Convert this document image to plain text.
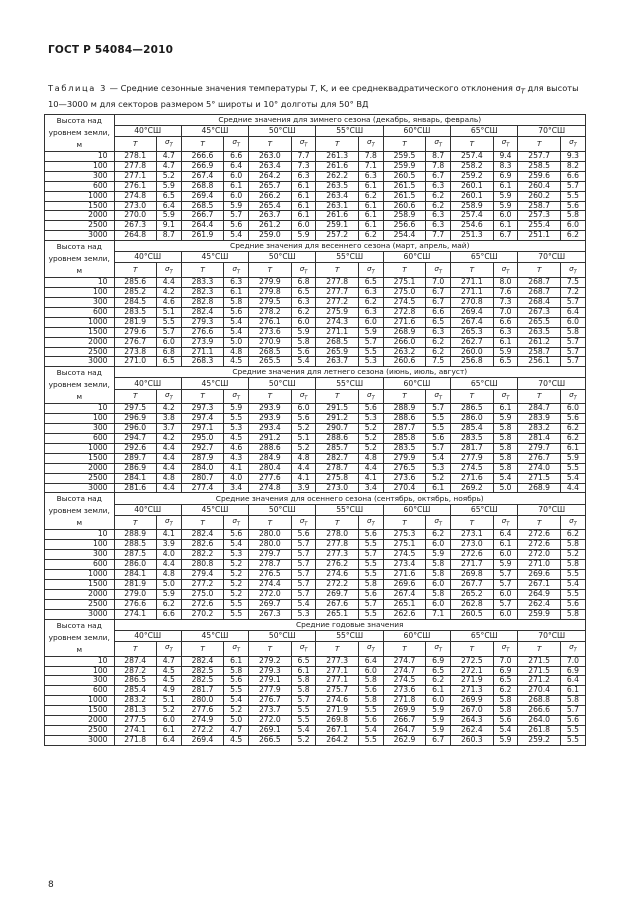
ГОСТ Р 54084—2010
Таблица 3 — Средние сезонные значения температуры T, K, и ее среднеквадратического отклонения $\sigma_T$ для высоты 10—3000 м для секторов размером 5° широты и 10° долготы для 50° ВД
Высота над уровнем земли, м	Средние значения для зимнего сезона (декабрь, январь, февраль)													
	40°СШ		45°СШ		50°СШ		55°СШ		60°СШ		65°СШ		70°СШ	
	T	$\sigma_T$	T	$\sigma_T$	T	$\sigma_T$	T	$\sigma_T$	T	$\sigma_T$	T	$\sigma_T$	T	$\sigma_T$
10	278.1	4.7	266.6	6.6	263.0	7.7	261.3	7.8	259.5	8.7	257.4	9.4	257.7	9.3
100	277.8	4.7	266.9	6.4	263.4	7.3	261.6	7.1	259.9	7.8	258.2	8.3	258.5	8.2
300	277.1	5.2	267.4	6.0	264.2	6.3	262.2	6.3	260.5	6.7	259.2	6.9	259.6	6.6
600	276.1	5.9	268.8	6.1	265.7	6.1	263.5	6.1	261.5	6.3	260.1	6.1	260.4	5.7
1000	274.8	6.5	269.4	6.0	266.2	6.1	263.4	6.2	261.5	6.2	260.1	5.9	260.2	5.5
1500	273.0	6.4	268.5	5.9	265.4	6.1	263.1	6.1	260.6	6.2	258.9	5.9	258.7	5.6
2000	270.0	5.9	266.7	5.7	263.7	6.1	261.6	6.1	258.9	6.3	257.4	6.0	257.3	5.8
2500	267.3	9.1	264.4	5.6	261.2	6.0	259.1	6.1	256.6	6.3	254.6	6.1	255.4	6.0
3000	264.8	8.7	261.9	5.4	259.0	5.9	257.2	6.2	254.4	7.7	251.3	6.7	251.1	6.2
Высота над уровнем земли, м	Средние значения для весеннего сезона (март, апрель, май)													
	40°СШ		45°СШ		50°СШ		55°СШ		60°СШ		65°СШ		70°СШ	
	T	$\sigma_T$	T	$\sigma_T$	T	$\sigma_T$	T	$\sigma_T$	T	$\sigma_T$	T	$\sigma_T$	T	$\sigma_T$
10	285.6	4.4	283.3	6.3	279.9	6.8	277.8	6.5	275.1	7.0	271.1	8.0	268.7	7.5
100	285.2	4.2	282.3	6.1	279.8	6.5	277.7	6.3	275.0	6.7	271.1	7.6	268.7	7.2
300	284.5	4.6	282.8	5.8	279.5	6.3	277.2	6.2	274.5	6.7	270.8	7.3	268.4	5.7
600	283.5	5.1	282.4	5.6	278.2	6.2	275.9	6.3	272.8	6.6	269.4	7.0	267.3	6.4
1000	281.9	5.5	279.3	5.4	276.1	6.0	274.3	6.0	271.6	6.5	267.4	6.6	265.5	6.0
1500	279.6	5.7	276.6	5.4	273.6	5.9	271.1	5.9	268.9	6.3	265.3	6.3	263.5	5.8
2000	276.7	6.0	273.9	5.0	270.9	5.8	268.5	5.7	266.0	6.2	262.7	6.1	261.2	5.7
2500	273.8	6.8	271.1	4.8	268.5	5.6	265.9	5.5	263.2	6.2	260.0	5.9	258.7	5.7
3000	271.0	6.5	268.3	4.5	265.5	5.4	263.7	5.3	260.6	7.5	256.8	6.5	256.1	5.7
Высота над уровнем земли, м	Средние значения для летнего сезона (июнь, июль, август)													
	40°СШ		45°СШ		50°СШ		55°СШ		60°СШ		65°СШ		70°СШ	
	T	$\sigma_T$	T	$\sigma_T$	T	$\sigma_T$	T	$\sigma_T$	T	$\sigma_T$	T	$\sigma_T$	T	$\sigma_T$
10	297.5	4.2	297.3	5.9	293.9	6.0	291.5	5.6	288.9	5.7	286.5	6.1	284.7	6.0
100	296.9	3.8	297.4	5.5	293.9	5.6	291.2	5.3	288.6	5.5	286.0	5.9	283.9	5.6
300	296.0	3.7	297.1	5.3	293.4	5.2	290.7	5.2	287.7	5.5	285.4	5.8	283.2	6.2
600	294.7	4.2	295.0	4.5	291.2	5.1	288.6	5.2	285.8	5.6	283.5	5.8	281.4	6.2
1000	292.6	4.4	292.7	4.6	288.6	5.2	285.7	5.2	283.5	5.7	281.7	5.8	279.7	6.1
1500	289.7	4.4	287.9	4.3	284.9	4.8	282.7	4.8	279.9	5.4	277.9	5.8	276.7	5.9
2000	286.9	4.4	284.0	4.1	280.4	4.4	278.7	4.4	276.5	5.3	274.5	5.8	274.0	5.5
2500	284.1	4.8	280.7	4.0	277.6	4.1	275.8	4.1	273.6	5.2	271.6	5.4	271.5	5.4
3000	281.6	4.4	277.4	3.4	274.8	3.9	273.0	3.4	270.4	6.1	269.2	5.0	268.9	4.4
Высота над уровнем земли, м	Средние значения для осеннего сезона (сентябрь, октябрь, ноябрь)													
	40°СШ		45°СШ		50°СШ		55°СШ		60°СШ		65°СШ		70°СШ	
	T	$\sigma_T$	T	$\sigma_T$	T	$\sigma_T$	T	$\sigma_T$	T	$\sigma_T$	T	$\sigma_T$	T	$\sigma_T$
10	288.9	4.1	282.4	5.6	280.0	5.6	278.0	5.6	275.3	6.2	273.1	6.4	272.6	6.2
100	288.5	3.9	282.6	5.4	280.0	5.7	277.8	5.5	275.1	6.0	273.0	6.1	272.6	5.8
300	287.5	4.0	282.2	5.3	279.7	5.7	277.3	5.7	274.5	5.9	272.6	6.0	272.0	5.2
600	286.0	4.4	280.8	5.2	278.7	5.7	276.2	5.5	273.4	5.8	271.7	5.9	271.0	5.8
1000	284.1	4.8	279.4	5.2	276.5	5.7	274.6	5.5	271.6	5.8	269.8	5.7	269.6	5.5
1500	281.9	5.0	277.2	5.2	274.4	5.7	272.2	5.8	269.6	6.0	267.7	5.7	267.1	5.4
2000	279.0	5.9	275.0	5.2	272.0	5.7	269.7	5.6	267.4	5.8	265.2	6.0	264.9	5.5
2500	276.6	6.2	272.6	5.5	269.7	5.4	267.6	5.7	265.1	6.0	262.8	5.7	262.4	5.6
3000	274.1	6.6	270.2	5.5	267.3	5.3	265.1	5.5	262.6	7.1	260.5	6.0	259.9	5.8
Высота над уровнем земли, м	Средние годовые значения													
	40°СШ		45°СШ		50°СШ		55°СШ		60°СШ		65°СШ		70°СШ	
	T	$\sigma_T$	T	$\sigma_T$	T	$\sigma_T$	T	$\sigma_T$	T	$\sigma_T$	T	$\sigma_T$	T	$\sigma_T$
10	287.4	4.7	282.4	6.1	279.2	6.5	277.3	6.4	274.7	6.9	272.5	7.0	271.5	7.0
100	287.2	4.5	282.5	5.8	279.3	6.1	277.1	6.0	274.7	6.5	272.1	6.9	271.5	6.9
300	286.5	4.5	282.5	5.6	279.1	5.8	277.1	5.8	274.5	6.2	271.9	6.5	271.2	6.4
600	285.4	4.9	281.7	5.5	277.9	5.8	275.7	5.6	273.6	6.1	271.3	6.2	270.4	6.1
1000	283.2	5.1	280.0	5.4	276.7	5.7	274.6	5.8	271.8	6.0	269.9	5.8	268.8	5.8
1500	281.3	5.2	277.6	5.2	273.7	5.5	271.9	5.5	269.9	5.9	267.0	5.8	266.6	5.7
2000	277.5	6.0	274.9	5.0	272.0	5.5	269.8	5.6	266.7	5.9	264.3	5.6	264.0	5.6
2500	274.1	6.1	272.2	4.7	269.1	5.4	267.1	5.4	264.7	5.9	262.4	5.4	261.8	5.5
3000	271.8	6.4	269.4	4.5	266.5	5.2	264.2	5.5	262.9	6.7	260.3	5.9	259.2	5.5
8
